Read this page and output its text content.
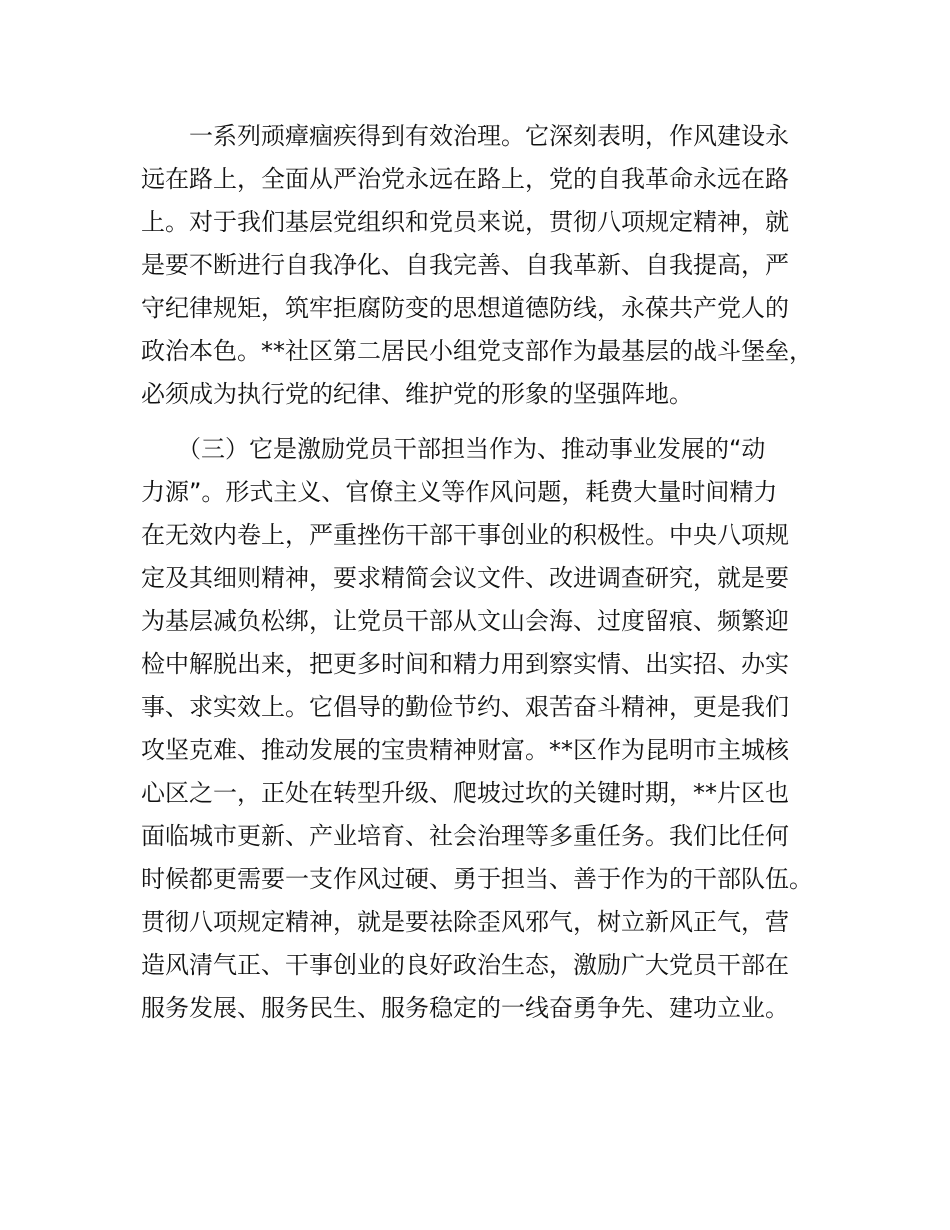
　　一系列顽瘴痼疾得到有效治理。它深刻表明，作风建设永
远在路上，全面从严治党永远在路上，党的自我革命永远在路
上。对于我们基层党组织和党员来说，贯彻八项规定精神，就
是要不断进行自我净化、自我完善、自我革新、自我提高，严
守纪律规矩，筑牢拒腐防变的思想道德防线，永葆共产党人的
政治本色。**社区第二居民小组党支部作为最基层的战斗堡垒，
必须成为执行党的纪律、维护党的形象的坚强阵地。
　　（三）它是激励党员干部担当作为、推动事业发展的“动
力源”。形式主义、官僚主义等作风问题，耗费大量时间精力
在无效内卷上，严重挫伤干部干事创业的积极性。中央八项规
定及其细则精神，要求精简会议文件、改进调查研究，就是要
为基层减负松绑，让党员干部从文山会海、过度留痕、频繁迎
检中解脱出来，把更多时间和精力用到察实情、出实招、办实
事、求实效上。它倡导的勤俭节约、艰苦奋斗精神，更是我们
攻坚克难、推动发展的宝贵精神财富。**区作为昆明市主城核
心区之一，正处在转型升级、爬坡过坎的关键时期，**片区也
面临城市更新、产业培育、社会治理等多重任务。我们比任何
时候都更需要一支作风过硬、勇于担当、善于作为的干部队伍。
贯彻八项规定精神，就是要祛除歪风邪气，树立新风正气，营
造风清气正、干事创业的良好政治生态，激励广大党员干部在
服务发展、服务民生、服务稳定的一线奋勇争先、建功立业。
